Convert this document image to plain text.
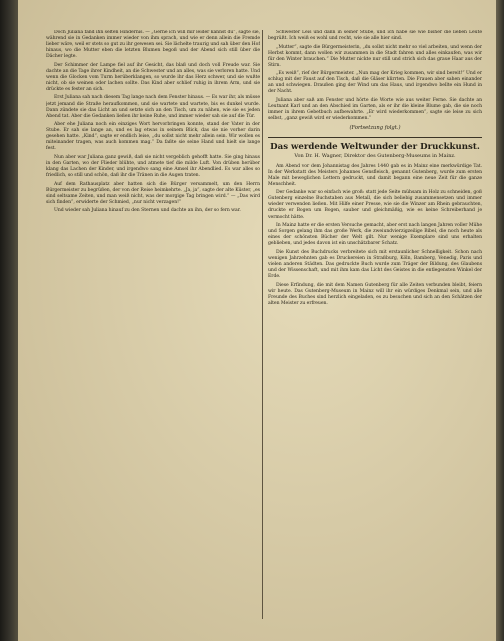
Doch Juliana fand ihn selten Hindernis. — „Gerne ich will mir leider kannst du“, sagte sie, während sie in Gedanken immer wieder von ihm sprach, und wie er denn allein die Fremde lieber wäre, weil er stets so gut zu ihr gewesen sei. Sie lächelte traurig und sah über den Hof hinaus, wo die Mutter eben die letzten Blumen begoß und der Abend sich still über die Dächer legte.

Der Schimmer der Lampe fiel auf ihr Gesicht, das blaß und doch voll Freude war. Sie dachte an die Tage ihrer Kindheit, an die Schwester und an alles, was sie verloren hatte. Und wenn die Glocken vom Turm herüberklangen, so wurde ihr das Herz schwer, und sie wußte nicht, ob sie weinen oder lachen sollte. Das Kind aber schlief ruhig in ihrem Arm, und sie drückte es fester an sich.

Erst Juliana sah nach diesem Tag lange nach dem Fenster hinaus. — Es war ihr, als müsse jetzt jemand die Straße heraufkommen, und sie wartete und wartete, bis es dunkel wurde. Dann zündete sie das Licht an und setzte sich an den Tisch, um zu nähen, wie sie es jeden Abend tat. Aber die Gedanken ließen ihr keine Ruhe, und immer wieder sah sie auf die Tür.

Aber ehe Juliana noch ein einziges Wort hervorbringen konnte, stand der Vater in der Stube. Er sah sie lange an, und es lag etwas in seinem Blick, das sie nie vorher darin gesehen hatte. „Kind“, sagte er endlich leise, „du sollst nicht mehr allein sein. Wir wollen es miteinander tragen, was auch kommen mag.“ Da faßte sie seine Hand und hielt sie lange fest.

Nun aber war Juliana ganz gewiß, daß sie nicht vergeblich gehofft hatte. Sie ging hinaus in den Garten, wo der Flieder blühte, und atmete tief die milde Luft. Von drüben herüber klang das Lachen der Kinder, und irgendwo sang eine Amsel ihr Abendlied. Es war alles so friedlich, so still und schön, daß ihr die Tränen in die Augen traten.

Auf dem Rathausplatz aber hatten sich die Bürger versammelt, um den Herrn Bürgermeister zu begrüßen, der von der Reise heimkehrte. „Ja, ja“, sagte der alte Küster, „es sind seltsame Zeiten, und man weiß nicht, was der morgige Tag bringen wird.“ — „Das wird sich finden“, erwiderte der Schmied, „nur nicht verzagen!“

Und wieder sah Juliana hinauf zu den Sternen und dachte an ihn, der so fern war.

Schwester Leis und dann in seiner Stube, und ich habe sie wie bisher die lieben Leute begrüßt. Ich weiß es wohl und recht, wie sie alle hier sind.

„Mutter“, sagte die Bürgermeisterin, „du sollst nicht mehr so viel arbeiten, und wenn der Herbst kommt, dann wollen wir zusammen in die Stadt fahren und alles einkaufen, was wir für den Winter brauchen.“ Die Mutter nickte nur still und strich sich das graue Haar aus der Stirn.

„Es weiß“, rief der Bürgermeister. „Nun mag der Krieg kommen, wir sind bereit!“ Und er schlug mit der Faust auf den Tisch, daß die Gläser klirrten. Die Frauen aber sahen einander an und schwiegen. Draußen ging der Wind um das Haus, und irgendwo bellte ein Hund in der Nacht.

Juliana aber saß am Fenster und hörte die Worte wie aus weiter Ferne. Sie dachte an Leutnant Karl und an den Abschied im Garten, als er ihr die kleine Blume gab, die sie noch immer in ihrem Gebetbuch aufbewahrte. „Er wird wiederkommen“, sagte sie leise zu sich selbst, „ganz gewiß wird er wiederkommen.“

(Fortsetzung folgt.)
Das werdende Weltwunder der Druckkunst.
Von Dr. H. Wagner, Direktor des Gutenberg-Museums in Mainz.

Am Abend vor dem Johannistag des Jahres 1440 gab es in Mainz eine merkwürdige Tat. In der Werkstatt des Meisters Johannes Gensfleisch, genannt Gutenberg, wurde zum ersten Male mit beweglichen Lettern gedruckt, und damit begann eine neue Zeit für die ganze Menschheit.

Der Gedanke war so einfach wie groß: statt jede Seite mühsam in Holz zu schneiden, goß Gutenberg einzelne Buchstaben aus Metall, die sich beliebig zusammensetzen und immer wieder verwenden ließen. Mit Hilfe einer Presse, wie sie die Winzer am Rhein gebrauchten, druckte er Bogen um Bogen, sauber und gleichmäßig, wie es keine Schreiberhand je vermocht hätte.

In Mainz hatte er die ersten Versuche gemacht, aber erst nach langen Jahren voller Mühe und Sorgen gelang ihm das große Werk, die zweiundvierzigzeilige Bibel, die noch heute als eines der schönsten Bücher der Welt gilt. Nur wenige Exemplare sind uns erhalten geblieben, und jedes davon ist ein unschätzbarer Schatz.

Die Kunst des Buchdrucks verbreitete sich mit erstaunlicher Schnelligkeit. Schon nach wenigen Jahrzehnten gab es Druckereien in Straßburg, Köln, Bamberg, Venedig, Paris und vielen anderen Städten. Das gedruckte Buch wurde zum Träger der Bildung, des Glaubens und der Wissenschaft, und mit ihm kam das Licht des Geistes in die entlegensten Winkel der Erde.

Diese Erfindung, die mit dem Namen Gutenberg für alle Zeiten verbunden bleibt, feiern wir heute. Das Gutenberg-Museum in Mainz will ihr ein würdiges Denkmal sein, und alle Freunde des Buches sind herzlich eingeladen, es zu besuchen und sich an den Schätzen der alten Meister zu erfreuen.
